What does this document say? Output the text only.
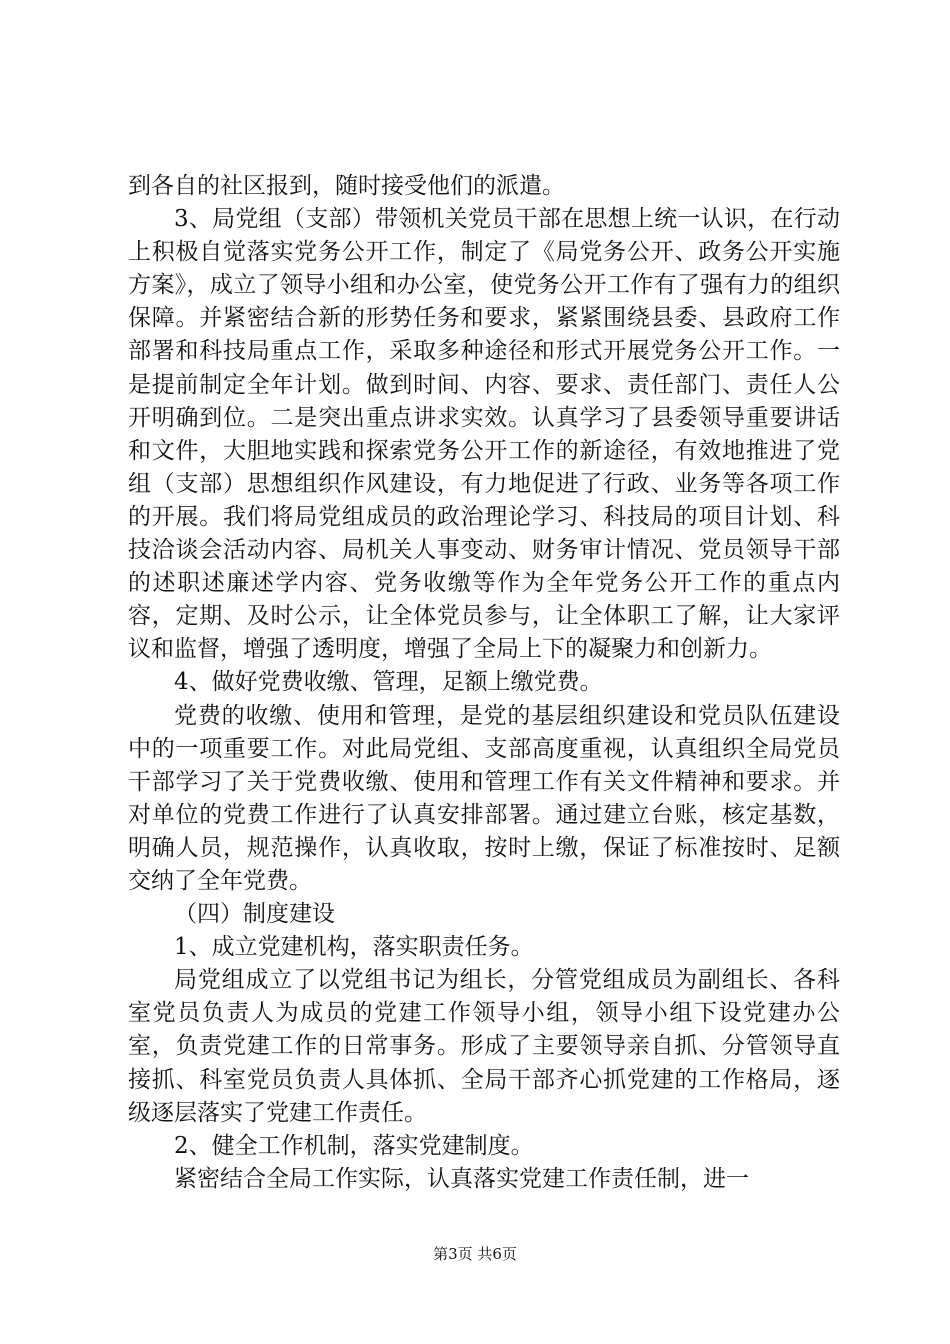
到各自的社区报到，随时接受他们的派遣。

3、局党组（支部）带领机关党员干部在思想上统一认识，在行动上积极自觉落实党务公开工作，制定了《局党务公开、政务公开实施方案》，成立了领导小组和办公室，使党务公开工作有了强有力的组织保障。并紧密结合新的形势任务和要求，紧紧围绕县委、县政府工作部署和科技局重点工作，采取多种途径和形式开展党务公开工作。一是提前制定全年计划。做到时间、内容、要求、责任部门、责任人公开明确到位。二是突出重点讲求实效。认真学习了县委领导重要讲话和文件，大胆地实践和探索党务公开工作的新途径，有效地推进了党组（支部）思想组织作风建设，有力地促进了行政、业务等各项工作的开展。我们将局党组成员的政治理论学习、科技局的项目计划、科技洽谈会活动内容、局机关人事变动、财务审计情况、党员领导干部的述职述廉述学内容、党务收缴等作为全年党务公开工作的重点内容，定期、及时公示，让全体党员参与，让全体职工了解，让大家评议和监督，增强了透明度，增强了全局上下的凝聚力和创新力。

4、做好党费收缴、管理，足额上缴党费。

党费的收缴、使用和管理，是党的基层组织建设和党员队伍建设中的一项重要工作。对此局党组、支部高度重视，认真组织全局党员干部学习了关于党费收缴、使用和管理工作有关文件精神和要求。并对单位的党费工作进行了认真安排部署。通过建立台账，核定基数，明确人员，规范操作，认真收取，按时上缴，保证了标准按时、足额交纳了全年党费。

（四）制度建设

1、成立党建机构，落实职责任务。

局党组成立了以党组书记为组长，分管党组成员为副组长、各科室党员负责人为成员的党建工作领导小组，领导小组下设党建办公室，负责党建工作的日常事务。形成了主要领导亲自抓、分管领导直接抓、科室党员负责人具体抓、全局干部齐心抓党建的工作格局，逐级逐层落实了党建工作责任。

2、健全工作机制，落实党建制度。

紧密结合全局工作实际，认真落实党建工作责任制，进一

第3页 共6页
